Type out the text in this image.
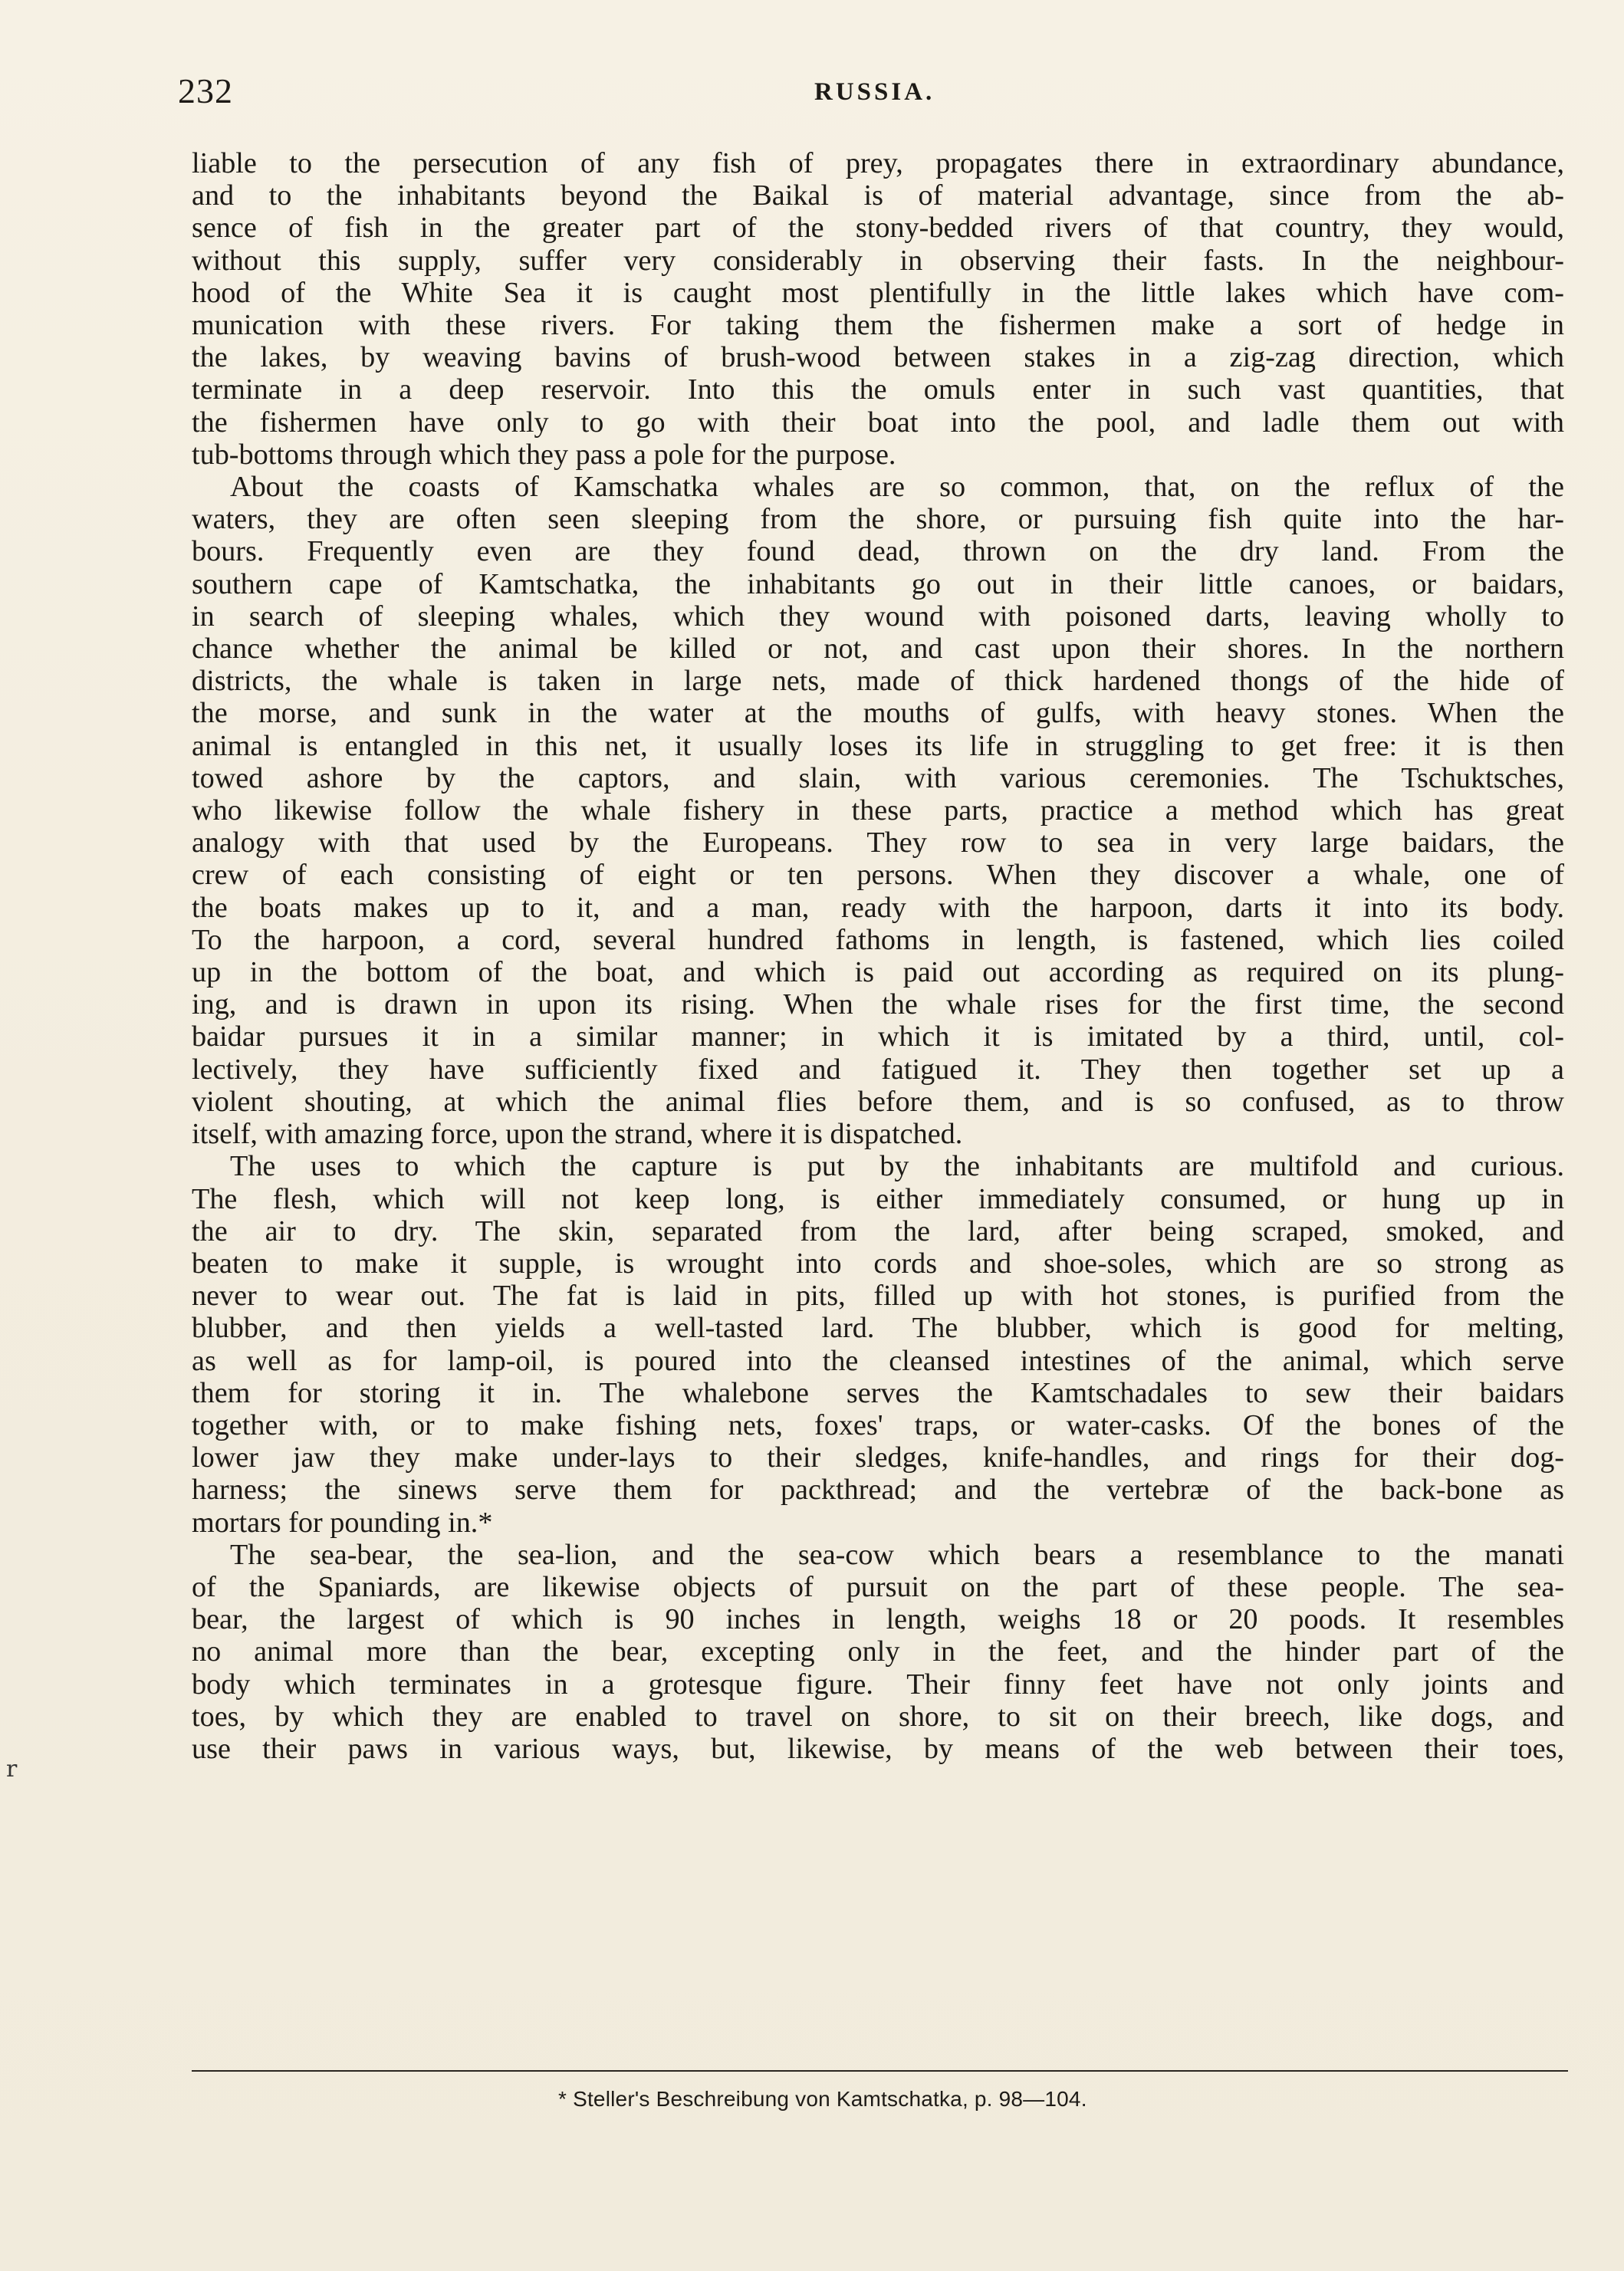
232	RUSSIA.
r
liable to the persecution of any fish of prey, propagates there in extraordinary abundance,
and to the inhabitants beyond the Baikal is of material advantage, since from the ab-
sence of fish in the greater part of the stony-bedded rivers of that country, they would,
without this supply, suffer very considerably in observing their fasts. In the neighbour-
hood of the White Sea it is caught most plentifully in the little lakes which have com-
munication with these rivers. For taking them the fishermen make a sort of hedge in
the lakes, by weaving bavins of brush-wood between stakes in a zig-zag direction, which
terminate in a deep reservoir. Into this the omuls enter in such vast quantities, that
the fishermen have only to go with their boat into the pool, and ladle them out with
tub-bottoms through which they pass a pole for the purpose.
About the coasts of Kamschatka whales are so common, that, on the reflux of the
waters, they are often seen sleeping from the shore, or pursuing fish quite into the har-
bours. Frequently even are they found dead, thrown on the dry land. From the
southern cape of Kamtschatka, the inhabitants go out in their little canoes, or baidars,
in search of sleeping whales, which they wound with poisoned darts, leaving wholly to
chance whether the animal be killed or not, and cast upon their shores. In the northern
districts, the whale is taken in large nets, made of thick hardened thongs of the hide of
the morse, and sunk in the water at the mouths of gulfs, with heavy stones. When the
animal is entangled in this net, it usually loses its life in struggling to get free: it is then
towed ashore by the captors, and slain, with various ceremonies. The Tschuktsches,
who likewise follow the whale fishery in these parts, practice a method which has great
analogy with that used by the Europeans. They row to sea in very large baidars, the
crew of each consisting of eight or ten persons. When they discover a whale, one of
the boats makes up to it, and a man, ready with the harpoon, darts it into its body.
To the harpoon, a cord, several hundred fathoms in length, is fastened, which lies coiled
up in the bottom of the boat, and which is paid out according as required on its plung-
ing, and is drawn in upon its rising. When the whale rises for the first time, the second
baidar pursues it in a similar manner; in which it is imitated by a third, until, col-
lectively, they have sufficiently fixed and fatigued it. They then together set up a
violent shouting, at which the animal flies before them, and is so confused, as to throw
itself, with amazing force, upon the strand, where it is dispatched.
The uses to which the capture is put by the inhabitants are multifold and curious.
The flesh, which will not keep long, is either immediately consumed, or hung up in
the air to dry. The skin, separated from the lard, after being scraped, smoked, and
beaten to make it supple, is wrought into cords and shoe-soles, which are so strong as
never to wear out. The fat is laid in pits, filled up with hot stones, is purified from the
blubber, and then yields a well-tasted lard. The blubber, which is good for melting,
as well as for lamp-oil, is poured into the cleansed intestines of the animal, which serve
them for storing it in. The whalebone serves the Kamtschadales to sew their baidars
together with, or to make fishing nets, foxes' traps, or water-casks. Of the bones of the
lower jaw they make under-lays to their sledges, knife-handles, and rings for their dog-
harness; the sinews serve them for packthread; and the vertebræ of the back-bone as
mortars for pounding in.*
The sea-bear, the sea-lion, and the sea-cow which bears a resemblance to the manati
of the Spaniards, are likewise objects of pursuit on the part of these people. The sea-
bear, the largest of which is 90 inches in length, weighs 18 or 20 poods. It resembles
no animal more than the bear, excepting only in the feet, and the hinder part of the
body which terminates in a grotesque figure. Their finny feet have not only joints and
toes, by which they are enabled to travel on shore, to sit on their breech, like dogs, and
use their paws in various ways, but, likewise, by means of the web between their toes,
* Steller's Beschreibung von Kamtschatka, p. 98—104.
